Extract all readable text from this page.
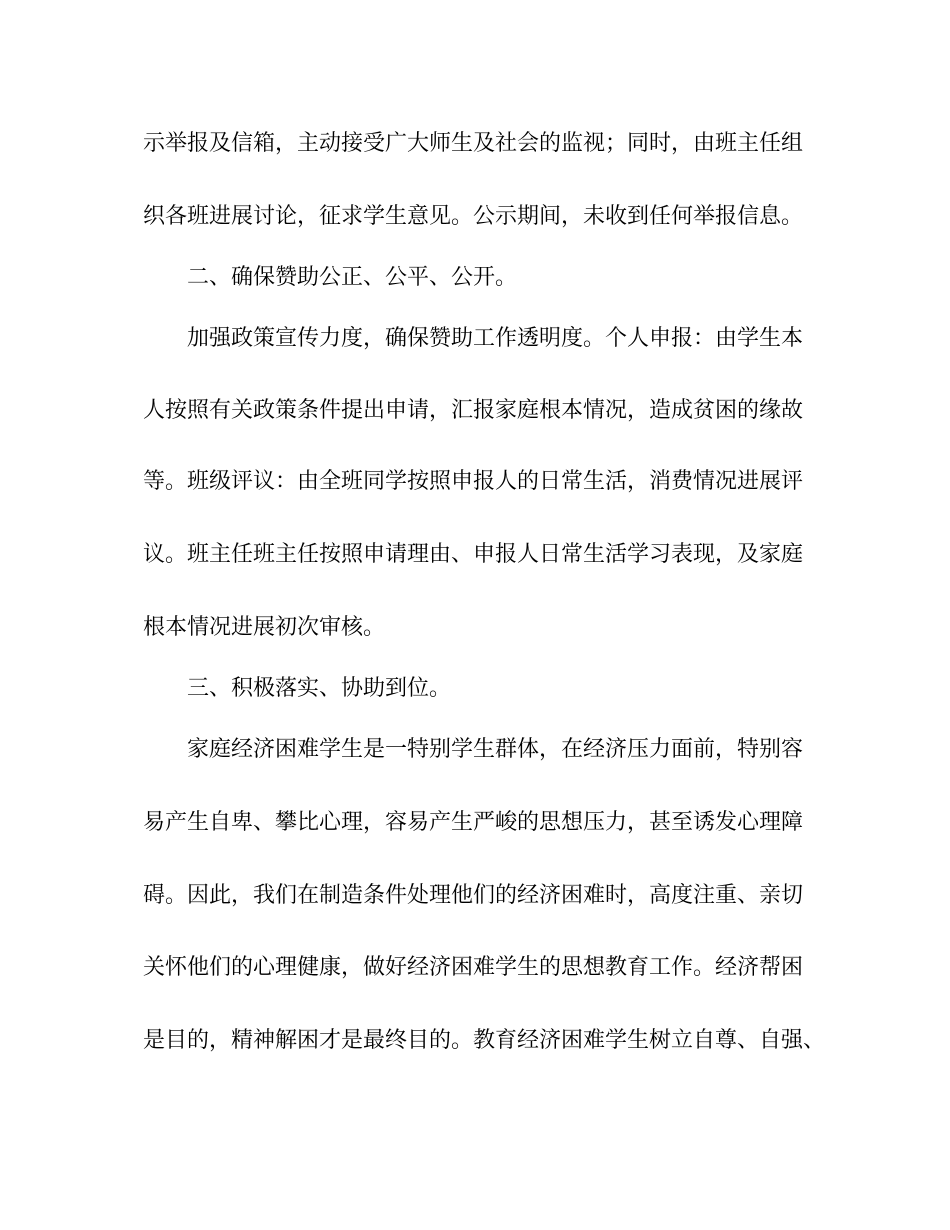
示举报及信箱，主动接受广大师生及社会的监视；同时，由班主任组
织各班进展讨论，征求学生意见。公示期间，未收到任何举报信息。
二、确保赞助公正、公平、公开。
加强政策宣传力度，确保赞助工作透明度。个人申报：由学生本
人按照有关政策条件提出申请，汇报家庭根本情况，造成贫困的缘故
等。班级评议：由全班同学按照申报人的日常生活，消费情况进展评
议。班主任班主任按照申请理由、申报人日常生活学习表现，及家庭
根本情况进展初次审核。
三、积极落实、协助到位。
家庭经济困难学生是一特别学生群体，在经济压力面前，特别容
易产生自卑、攀比心理，容易产生严峻的思想压力，甚至诱发心理障
碍。因此，我们在制造条件处理他们的经济困难时，高度注重、亲切
关怀他们的心理健康，做好经济困难学生的思想教育工作。经济帮困
是目的，精神解困才是最终目的。教育经济困难学生树立自尊、自强、
